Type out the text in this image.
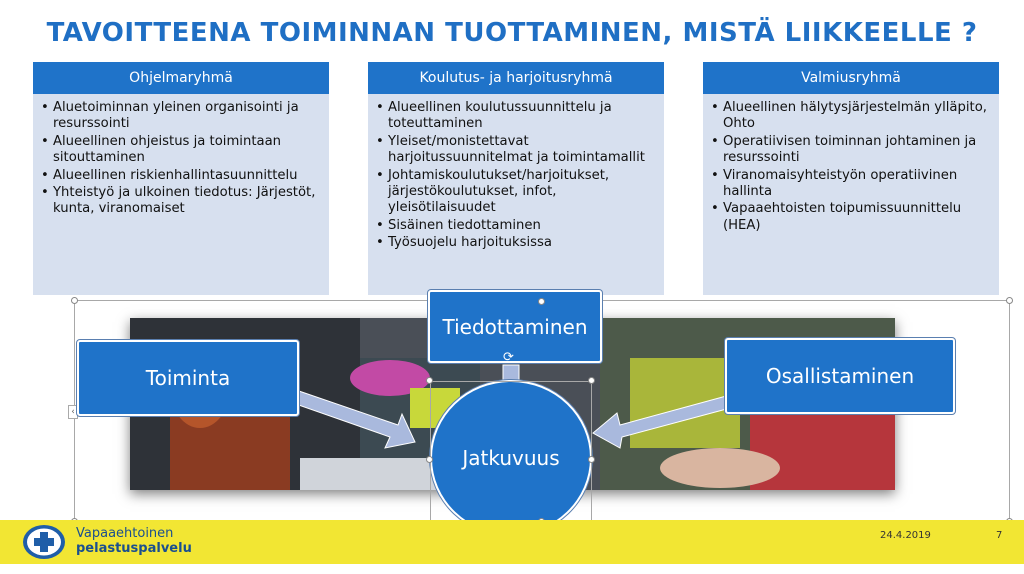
TAVOITTEENA TOIMINNAN TUOTTAMINEN, MISTÄ LIIKKEELLE ?
Ohjelmaryhmä
• Aluetoiminnan yleinen organisointi ja resurssointi
• Alueellinen ohjeistus ja toimintaan sitouttaminen
• Alueellinen riskienhallintasuunnittelu
• Yhteistyö ja ulkoinen tiedotus: Järjestöt, kunta, viranomaiset
Koulutus- ja harjoitusryhmä
• Alueellinen koulutussuunnittelu ja toteuttaminen
• Yleiset/monistettavat harjoitussuunnitelmat ja toimintamallit
• Johtamiskoulutukset/harjoitukset, järjestökoulutukset, infot, yleisötilaisuudet
• Sisäinen tiedottaminen
• Työsuojelu harjoituksissa
Valmiusryhmä
• Alueellinen hälytysjärjestelmän ylläpito, Ohto
• Operatiivisen toiminnan johtaminen ja resurssointi
• Viranomaisyhteistyön operatiivinen hallinta
• Vapaaehtoisten toipumissuunnittelu (HEA)
‹
Toiminta
Tiedottaminen
Osallistaminen
Jatkuvuus
⟳
Vapaaehtoinen
pelastuspalvelu
24.4.2019	7
